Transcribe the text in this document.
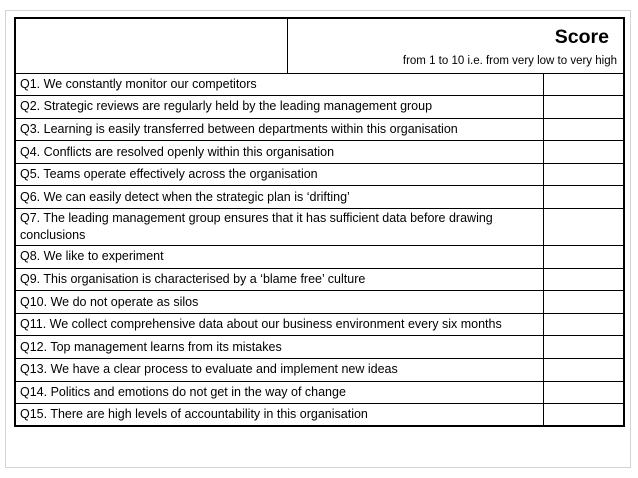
	Score
from 1 to 10 i.e. from very low to very high	

Q1. We constantly monitor our competitors		
Q2. Strategic reviews are regularly held by the leading management group		
Q3. Learning is easily transferred between departments within this organisation		
Q4. Conflicts are resolved openly within this organisation		
Q5. Teams operate effectively across the organisation		
Q6. We can easily detect when the strategic plan is ‘drifting’		
Q7. The leading management group ensures that it has sufficient data before drawing conclusions		
Q8. We like to experiment		
Q9. This organisation is characterised by a ‘blame free’ culture		
Q10. We do not operate as silos		
Q11. We collect comprehensive data about our business environment every six months		
Q12. Top management learns from its mistakes		
Q13. We have a clear process to evaluate and implement new ideas		
Q14. Politics and emotions do not get in the way of change		
Q15. There are high levels of accountability in this organisation		
